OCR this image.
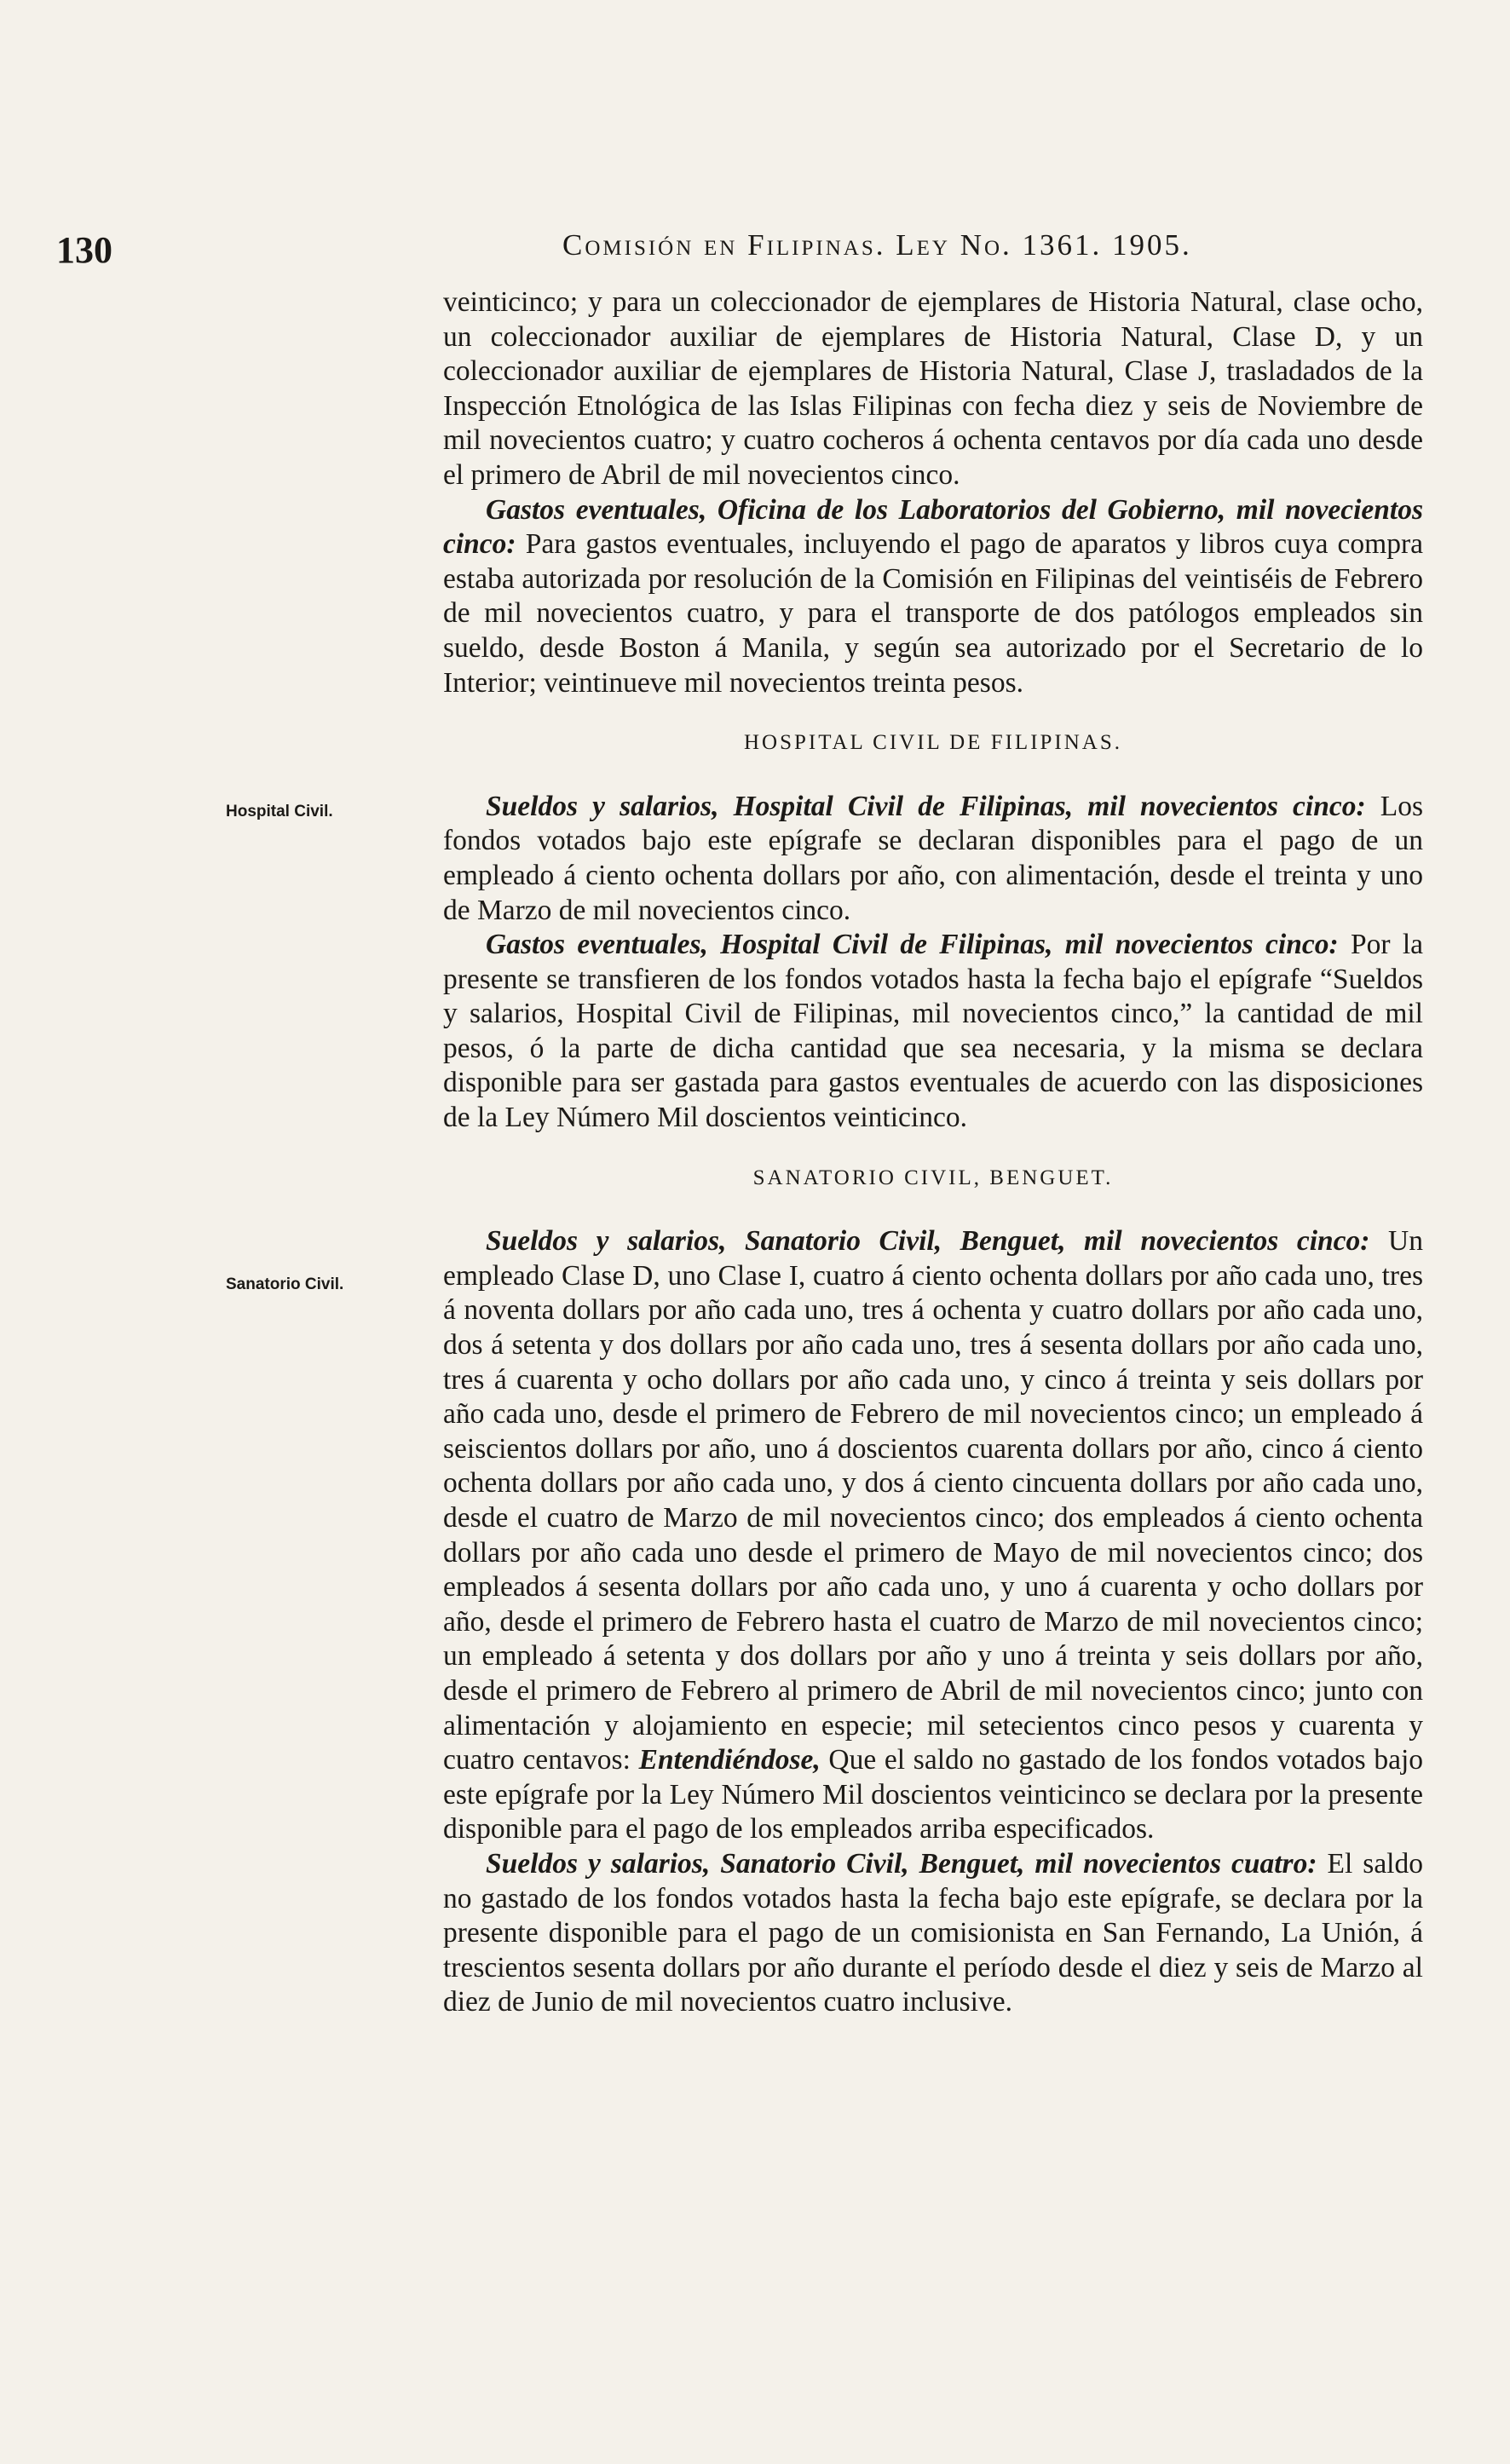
130	Comisión en Filipinas. Ley No. 1361. 1905.
Hospital Civil.
Sanatorio Civil.

veinticinco; y para un coleccionador de ejemplares de Historia Natural, clase ocho, un coleccionador auxiliar de ejemplares de Historia Natural, Clase D, y un coleccionador auxiliar de ejemplares de Historia Natural, Clase J, trasladados de la Inspección Etnológica de las Islas Filipinas con fecha diez y seis de Noviembre de mil novecientos cuatro; y cuatro cocheros á ochenta centavos por día cada uno desde el primero de Abril de mil novecientos cinco.

Gastos eventuales, Oficina de los Laboratorios del Gobierno, mil novecientos cinco: Para gastos eventuales, incluyendo el pago de aparatos y libros cuya compra estaba autorizada por resolución de la Comisión en Filipinas del veintiséis de Febrero de mil novecientos cuatro, y para el transporte de dos patólogos empleados sin sueldo, desde Boston á Manila, y según sea autorizado por el Secretario de lo Interior; veintinueve mil novecientos treinta pesos.

HOSPITAL CIVIL DE FILIPINAS.

Sueldos y salarios, Hospital Civil de Filipinas, mil novecientos cinco: Los fondos votados bajo este epígrafe se declaran disponibles para el pago de un empleado á ciento ochenta dollars por año, con alimentación, desde el treinta y uno de Marzo de mil novecientos cinco.

Gastos eventuales, Hospital Civil de Filipinas, mil novecientos cinco: Por la presente se transfieren de los fondos votados hasta la fecha bajo el epígrafe “Sueldos y salarios, Hospital Civil de Filipinas, mil novecientos cinco,” la cantidad de mil pesos, ó la parte de dicha cantidad que sea necesaria, y la misma se declara disponible para ser gastada para gastos eventuales de acuerdo con las disposiciones de la Ley Número Mil doscientos veinticinco.

SANATORIO CIVIL, BENGUET.

Sueldos y salarios, Sanatorio Civil, Benguet, mil novecientos cinco: Un empleado Clase D, uno Clase I, cuatro á ciento ochenta dollars por año cada uno, tres á noventa dollars por año cada uno, tres á ochenta y cuatro dollars por año cada uno, dos á setenta y dos dollars por año cada uno, tres á sesenta dollars por año cada uno, tres á cuarenta y ocho dollars por año cada uno, y cinco á treinta y seis dollars por año cada uno, desde el primero de Febrero de mil novecientos cinco; un empleado á seiscientos dollars por año, uno á doscientos cuarenta dollars por año, cinco á ciento ochenta dollars por año cada uno, y dos á ciento cincuenta dollars por año cada uno, desde el cuatro de Marzo de mil novecientos cinco; dos empleados á ciento ochenta dollars por año cada uno desde el primero de Mayo de mil novecientos cinco; dos empleados á sesenta dollars por año cada uno, y uno á cuarenta y ocho dollars por año, desde el primero de Febrero hasta el cuatro de Marzo de mil novecientos cinco; un empleado á setenta y dos dollars por año y uno á treinta y seis dollars por año, desde el primero de Febrero al primero de Abril de mil novecientos cinco; junto con alimentación y alojamiento en especie; mil setecientos cinco pesos y cuarenta y cuatro centavos: Entendiéndose, Que el saldo no gastado de los fondos votados bajo este epígrafe por la Ley Número Mil doscientos veinticinco se declara por la presente disponible para el pago de los empleados arriba especificados.

Sueldos y salarios, Sanatorio Civil, Benguet, mil novecientos cuatro: El saldo no gastado de los fondos votados hasta la fecha bajo este epígrafe, se declara por la presente disponible para el pago de un comisionista en San Fernando, La Unión, á trescientos sesenta dollars por año durante el período desde el diez y seis de Marzo al diez de Junio de mil novecientos cuatro inclusive.
